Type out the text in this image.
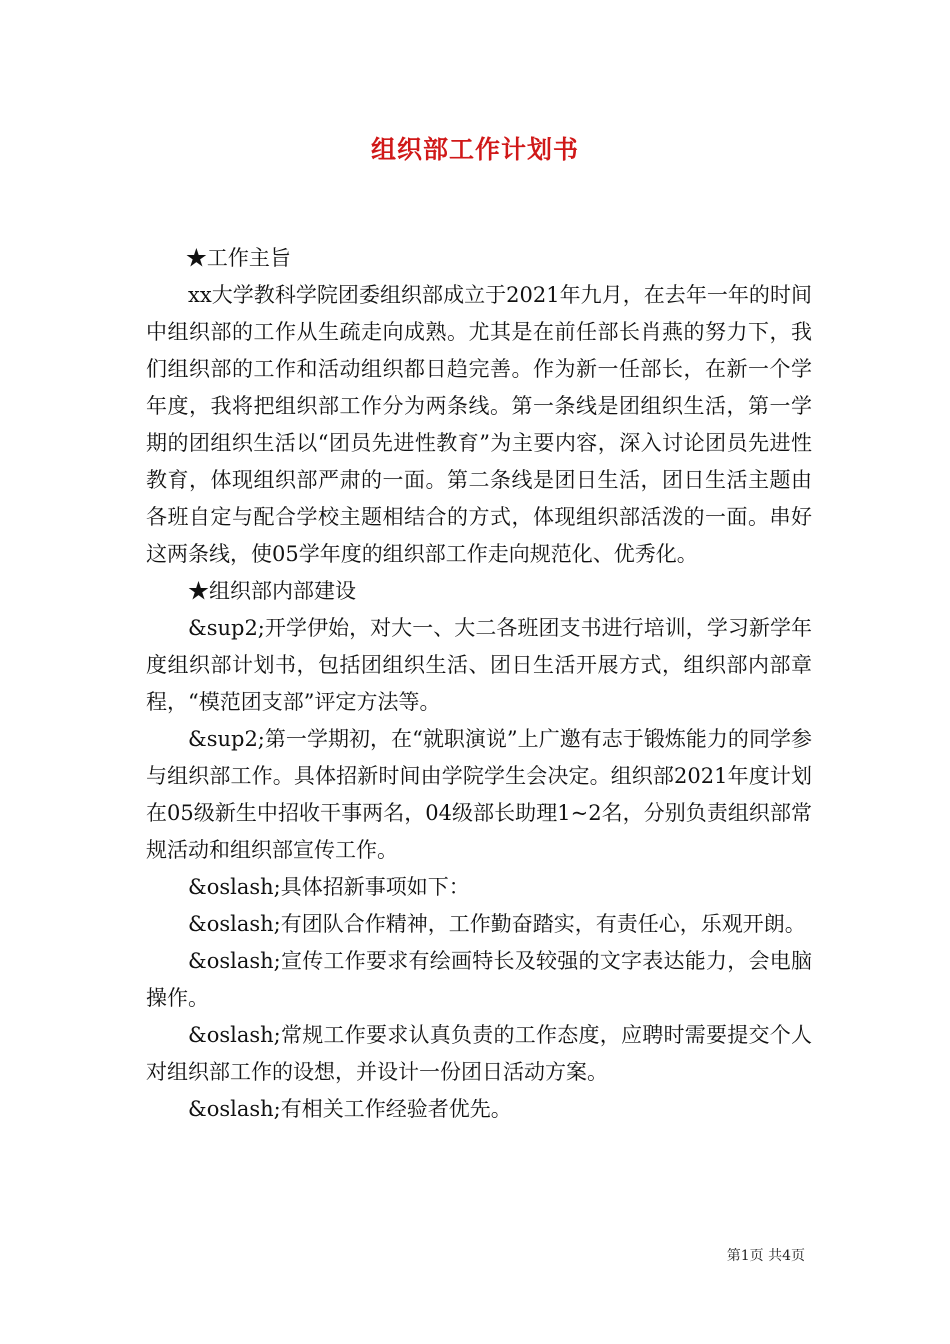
组织部工作计划书

★工作主旨

xx大学教科学院团委组织部成立于2021年九月，在去年一年的时间中组织部的工作从生疏走向成熟。尤其是在前任部长肖燕的努力下，我们组织部的工作和活动组织都日趋完善。作为新一任部长，在新一个学年度，我将把组织部工作分为两条线。第一条线是团组织生活，第一学期的团组织生活以“团员先进性教育”为主要内容，深入讨论团员先进性教育，体现组织部严肃的一面。第二条线是团日生活，团日生活主题由各班自定与配合学校主题相结合的方式，体现组织部活泼的一面。串好这两条线，使05学年度的组织部工作走向规范化、优秀化。

★组织部内部建设

&sup2;开学伊始，对大一、大二各班团支书进行培训，学习新学年度组织部计划书，包括团组织生活、团日生活开展方式，组织部内部章程，“模范团支部”评定方法等。

&sup2;第一学期初，在“就职演说”上广邀有志于锻炼能力的同学参与组织部工作。具体招新时间由学院学生会决定。组织部2021年度计划在05级新生中招收干事两名，04级部长助理1~2名，分别负责组织部常规活动和组织部宣传工作。

&oslash;具体招新事项如下：

&oslash;有团队合作精神，工作勤奋踏实，有责任心，乐观开朗。

&oslash;宣传工作要求有绘画特长及较强的文字表达能力，会电脑操作。

&oslash;常规工作要求认真负责的工作态度，应聘时需要提交个人对组织部工作的设想，并设计一份团日活动方案。

&oslash;有相关工作经验者优先。

第1页 共4页
